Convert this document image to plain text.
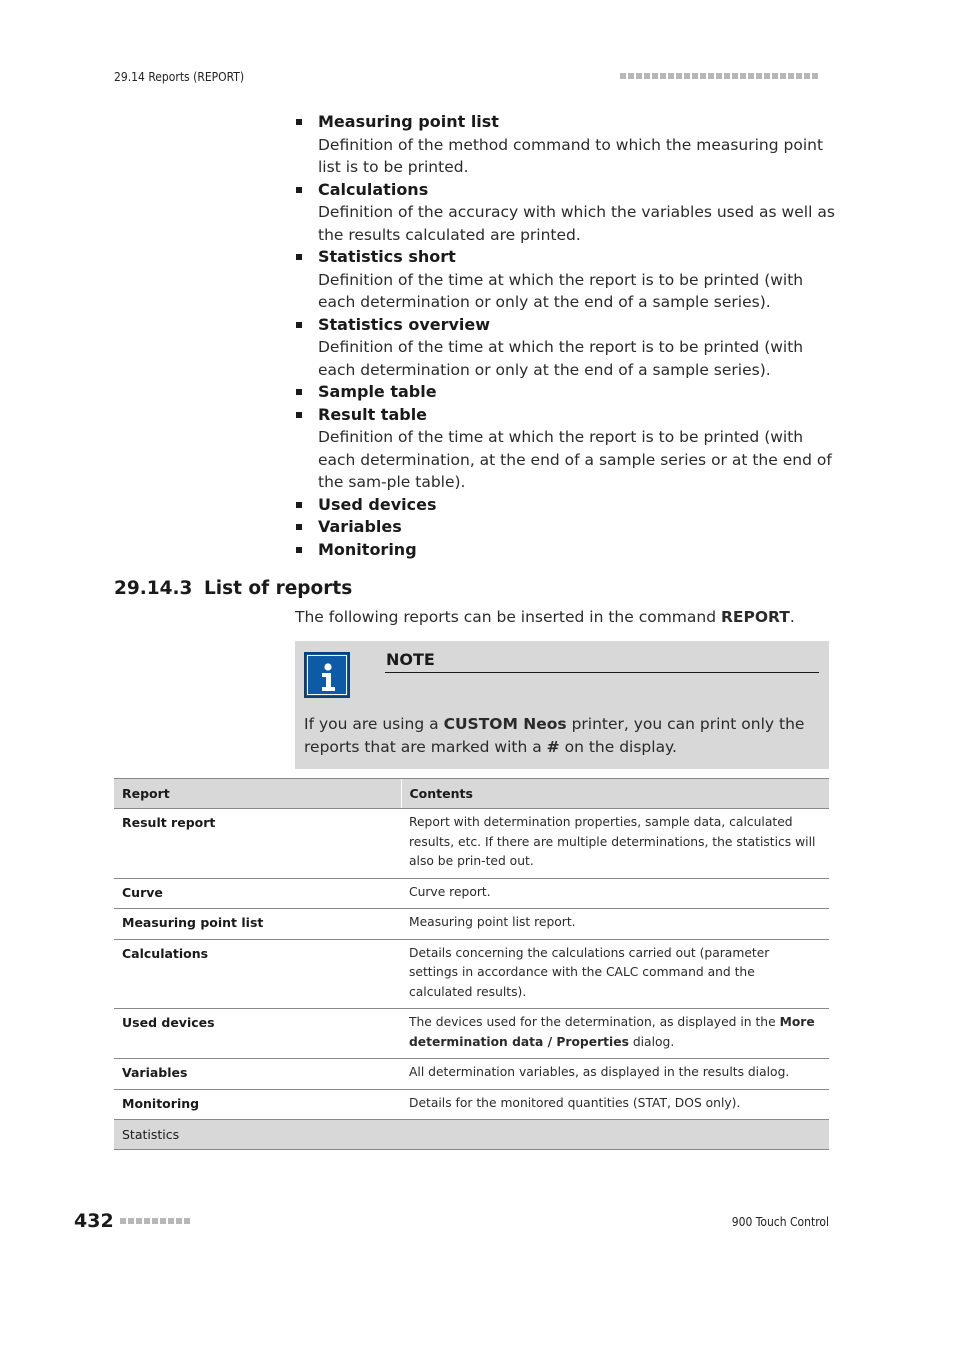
29.14 Reports (REPORT)
Measuring point list
Definition of the method command to which the measuring point list is to be printed.
Calculations
Definition of the accuracy with which the variables used as well as the results calculated are printed.
Statistics short
Definition of the time at which the report is to be printed (with each determination or only at the end of a sample series).
Statistics overview
Definition of the time at which the report is to be printed (with each determination or only at the end of a sample series).
Sample table
Result table
Definition of the time at which the report is to be printed (with each determination, at the end of a sample series or at the end of the sam-ple table).
Used devices
Variables
Monitoring
29.14.3 List of reports

The following reports can be inserted in the command REPORT.

NOTE

If you are using a CUSTOM Neos printer, you can print only the reports that are marked with a # on the display.

Report	Contents
Result report	Report with determination properties, sample data, calculated results, etc. If there are multiple determinations, the statistics will also be prin-ted out.
Curve	Curve report.
Measuring point list	Measuring point list report.
Calculations	Details concerning the calculations carried out (parameter settings in accordance with the CALC command and the calculated results).
Used devices	The devices used for the determination, as displayed in the More determination data / Properties dialog.
Variables	All determination variables, as displayed in the results dialog.
Monitoring	Details for the monitored quantities (STAT, DOS only).
Statistics	
432	900 Touch Control
